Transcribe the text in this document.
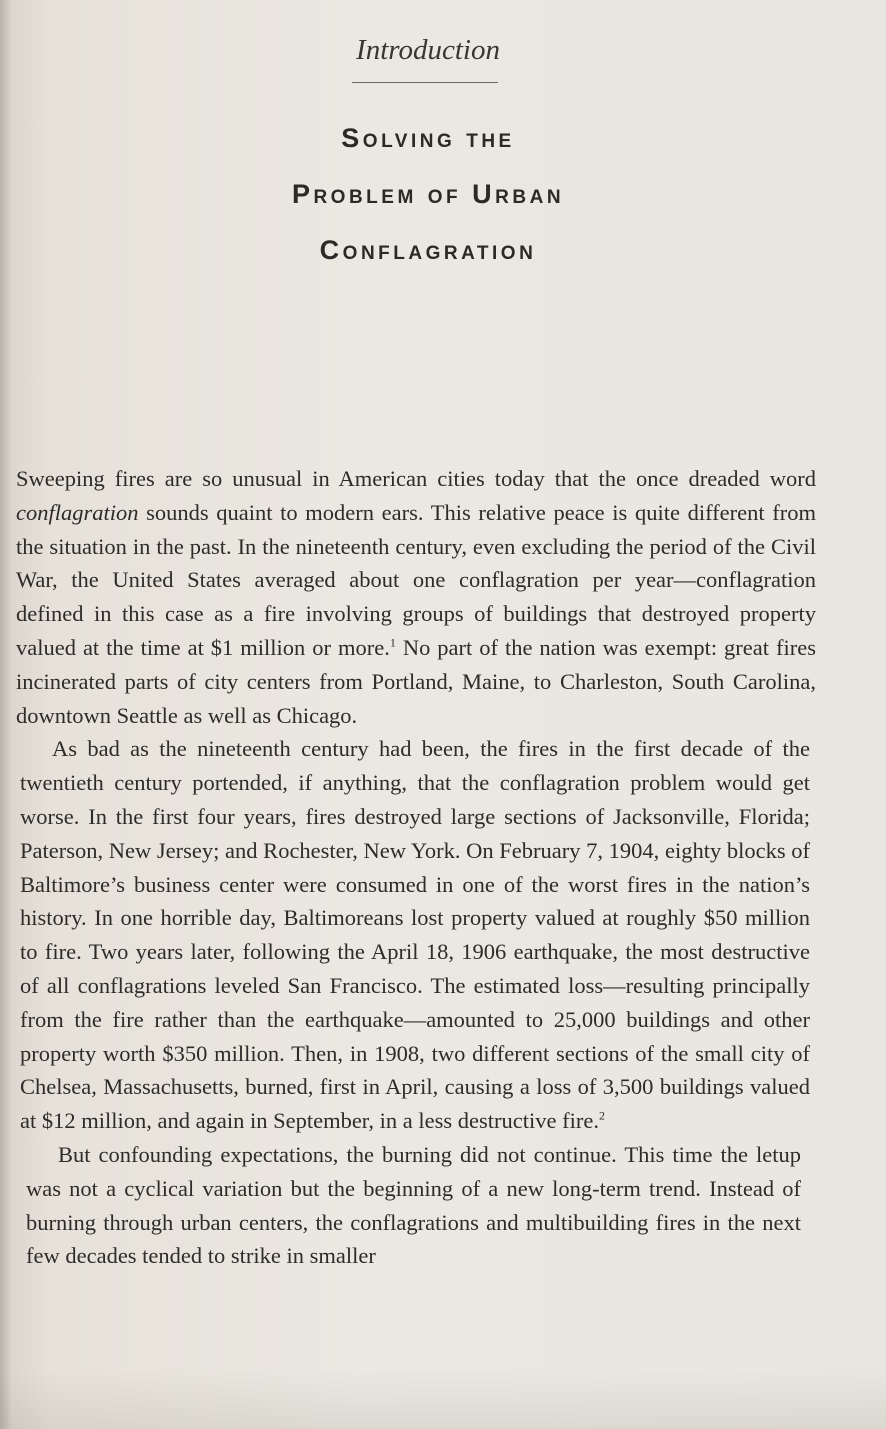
Introduction
Solving the
Problem of Urban
Conflagration

Sweeping fires are so unusual in American cities today that the once dreaded word conflagration sounds quaint to modern ears. This relative peace is quite different from the situation in the past. In the nineteenth century, even excluding the period of the Civil War, the United States averaged about one conflagration per year—conflagration defined in this case as a fire involving groups of buildings that destroyed property valued at the time at $1 million or more.$^1$ No part of the nation was exempt: great fires incinerated parts of city centers from Portland, Maine, to Charleston, South Carolina, downtown Seattle as well as Chicago.

As bad as the nineteenth century had been, the fires in the first decade of the twentieth century portended, if anything, that the conflagration problem would get worse. In the first four years, fires destroyed large sections of Jacksonville, Florida; Paterson, New Jersey; and Rochester, New York. On February 7, 1904, eighty blocks of Baltimore’s business center were consumed in one of the worst fires in the nation’s history. In one horrible day, Baltimoreans lost property valued at roughly $50 million to fire. Two years later, following the April 18, 1906 earthquake, the most destructive of all conflagrations leveled San Francisco. The estimated loss—resulting principally from the fire rather than the earthquake—amounted to 25,000 buildings and other property worth $350 million. Then, in 1908, two different sections of the small city of Chelsea, Massachusetts, burned, first in April, causing a loss of 3,500 buildings valued at $12 million, and again in September, in a less destructive fire.$^2$

But confounding expectations, the burning did not continue. This time the letup was not a cyclical variation but the beginning of a new long-term trend. Instead of burning through urban centers, the conflagrations and multibuilding fires in the next few decades tended to strike in smaller
